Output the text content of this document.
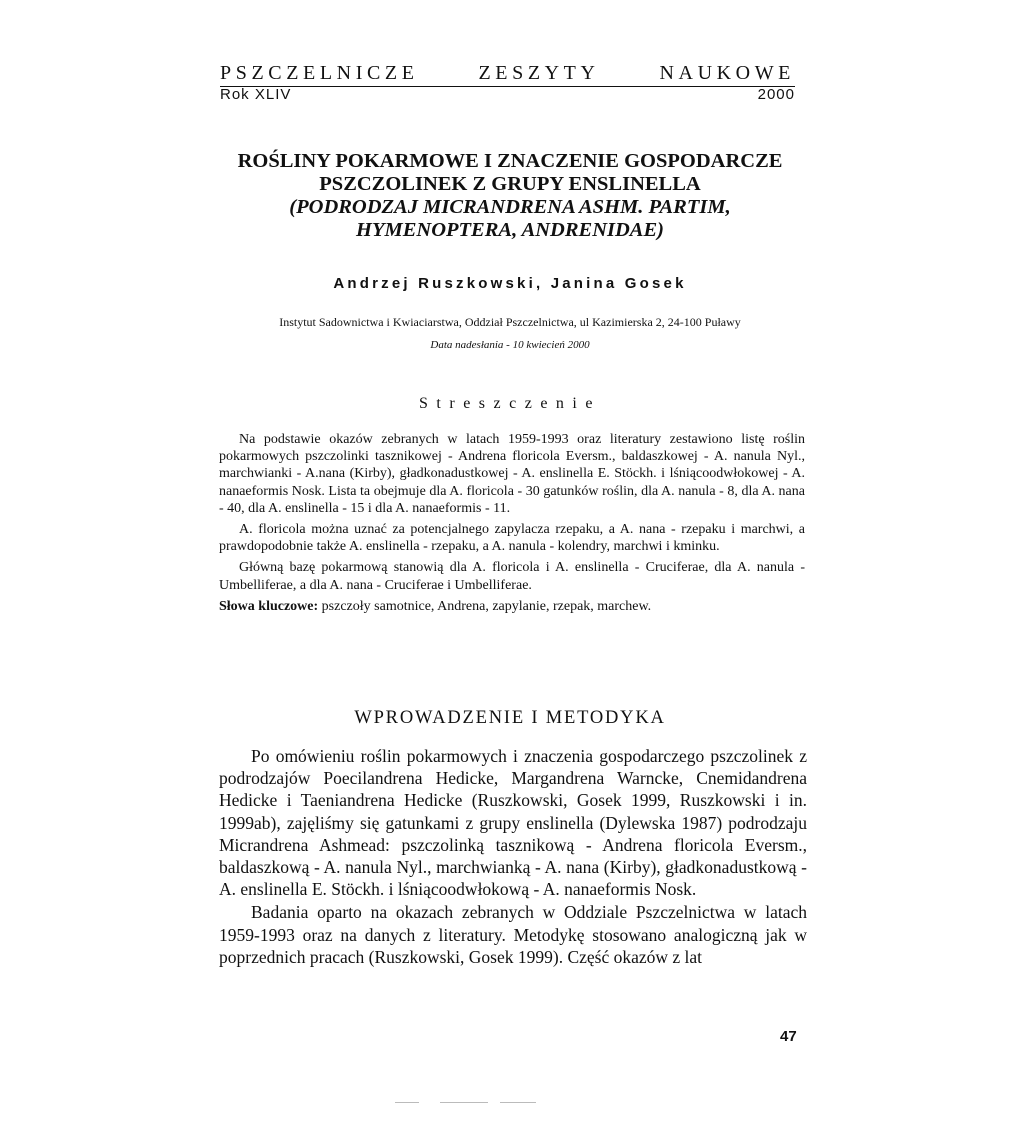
PSZCZELNICZE	ZESZYTY	NAUKOWE
Rok XLIV	2000
ROŚLINY POKARMOWE I ZNACZENIE GOSPODARCZE
PSZCZOLINEK Z GRUPY ENSLINELLA
(PODRODZAJ MICRANDRENA ASHM. PARTIM,
HYMENOPTERA, ANDRENIDAE)
Andrzej Ruszkowski, Janina Gosek
Instytut Sadownictwa i Kwiaciarstwa, Oddział Pszczelnictwa, ul Kazimierska 2, 24-100 Puławy
Data nadesłania - 10 kwiecień 2000
Streszczenie

Na podstawie okazów zebranych w latach 1959-1993 oraz literatury zestawiono listę roślin pokarmowych pszczolinki tasznikowej - Andrena floricola Eversm., baldaszkowej - A. nanula Nyl., marchwianki - A.nana (Kirby), gładkonadustkowej - A. enslinella E. Stöckh. i lśniącoodwłokowej - A. nanaeformis Nosk. Lista ta obejmuje dla A. floricola - 30 gatunków roślin, dla A. nanula - 8, dla A. nana - 40, dla A. enslinella - 15 i dla A. nanaeformis - 11.

A. floricola można uznać za potencjalnego zapylacza rzepaku, a A. nana - rzepaku i marchwi, a prawdopodobnie także A. enslinella - rzepaku, a A. nanula - kolendry, marchwi i kminku.

Główną bazę pokarmową stanowią dla A. floricola i A. enslinella - Cruciferae, dla A. nanula - Umbelliferae, a dla A. nana - Cruciferae i Umbelliferae.

Słowa kluczowe: pszczoły samotnice, Andrena, zapylanie, rzepak, marchew.

WPROWADZENIE I METODYKA

Po omówieniu roślin pokarmowych i znaczenia gospodarczego pszczolinek z podrodzajów Poecilandrena Hedicke, Margandrena Warncke, Cnemidandrena Hedicke i Taeniandrena Hedicke (Ruszkowski, Gosek 1999, Ruszkowski i in. 1999ab), zajęliśmy się gatunkami z grupy enslinella (Dylewska 1987) podrodzaju Micrandrena Ashmead: pszczolinką tasznikową - Andrena floricola Eversm., baldaszkową - A. nanula Nyl., marchwianką - A. nana (Kirby), gładkonadustkową - A. enslinella E. Stöckh. i lśniącoodwłokową - A. nanaeformis Nosk.

Badania oparto na okazach zebranych w Oddziale Pszczelnictwa w latach 1959-1993 oraz na danych z literatury. Metodykę stosowano analogiczną jak w poprzednich pracach (Ruszkowski, Gosek 1999). Część okazów z lat

47
